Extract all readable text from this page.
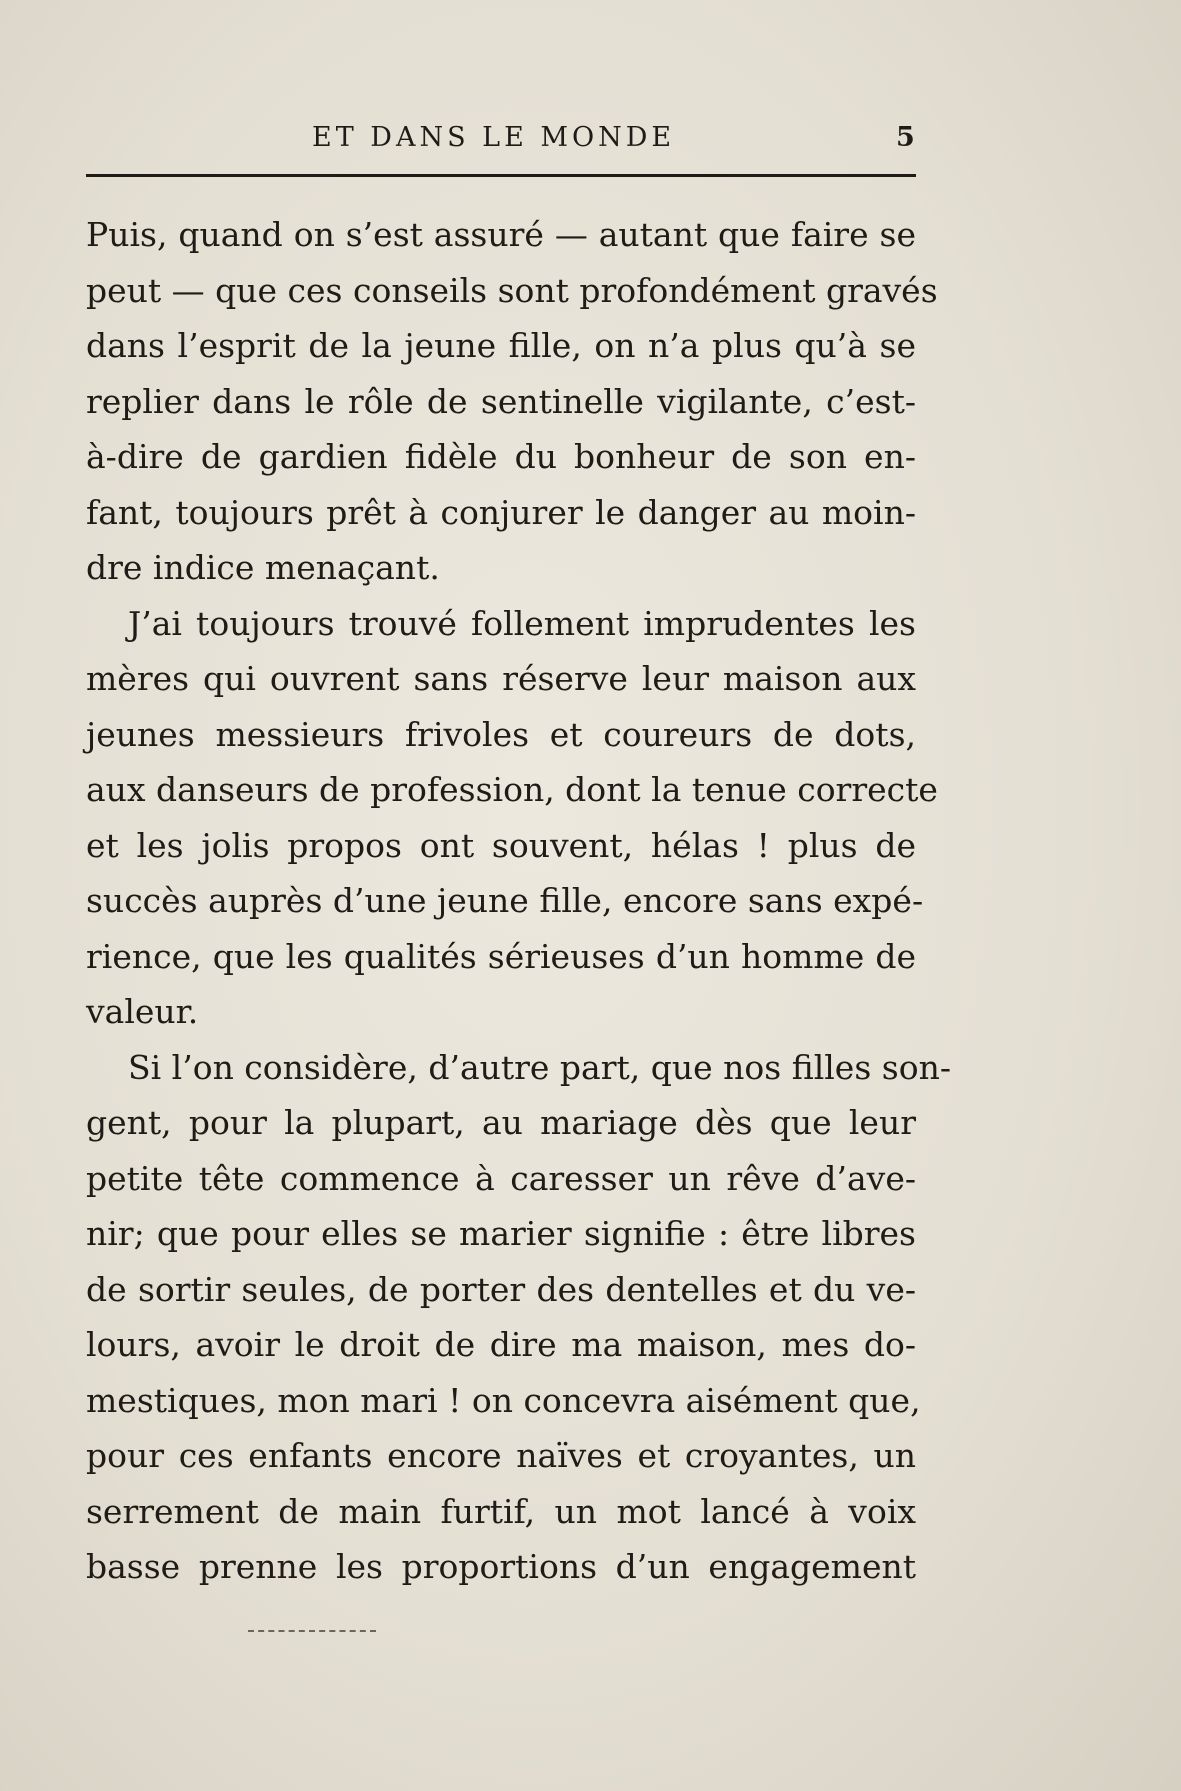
ET DANS LE MONDE	5
Puis, quand on s’est assuré — autant que faire se
peut — que ces conseils sont profondément gravés
dans l’esprit de la jeune fille, on n’a plus qu’à se
replier dans le rôle de sentinelle vigilante, c’est-
à-dire de gardien fidèle du bonheur de son en-
fant, toujours prêt à conjurer le danger au moin-
dre indice menaçant.
J’ai toujours trouvé follement imprudentes les
mères qui ouvrent sans réserve leur maison aux
jeunes messieurs frivoles et coureurs de dots,
aux danseurs de profession, dont la tenue correcte
et les jolis propos ont souvent, hélas ! plus de
succès auprès d’une jeune fille, encore sans expé-
rience, que les qualités sérieuses d’un homme de
valeur.
Si l’on considère, d’autre part, que nos filles son-
gent, pour la plupart, au mariage dès que leur
petite tête commence à caresser un rêve d’ave-
nir; que pour elles se marier signifie : être libres
de sortir seules, de porter des dentelles et du ve-
lours, avoir le droit de dire ma maison, mes do-
mestiques, mon mari ! on concevra aisément que,
pour ces enfants encore naïves et croyantes, un
serrement de main furtif, un mot lancé à voix
basse prenne les proportions d’un engagement
